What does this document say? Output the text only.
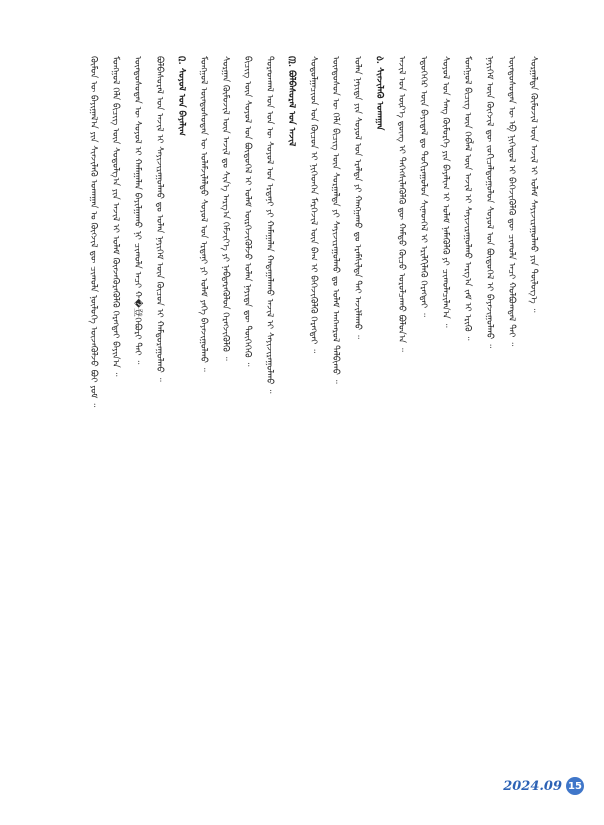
ᠬᠥᠮᠦᠨ ᠦ ᠪᠠᠶᠢᠭᠠᠯ᠎ᠠ ᠶᠢᠨ ᠰᠢᠨᠵᠢᠯᠡᠬᠦ ᠤᠬᠠᠭᠠᠨ ᠤ ᠬᠥᠭᠵᠢᠯ ᠳᠦ ᠴᠢᠬᠤᠯᠠ ᠨᠥᠯᠦᠭᠡ ᠦᠵᠡᠭᠦᠯᠵᠦ ᠪᠣᠢ ᠶᠤᠮ ᠃ ᠮᠣᠩᠭᠣᠯ ᠬᠡᠯᠡ ᠪᠢᠴᠢᠭ ᠦᠨ ᠰᠤᠳᠤᠯᠭ᠎ᠠ ᠶᠢᠨ ᠠᠵᠢᠯ ᠢ ᠤᠯᠠᠮ ᠭᠦᠨᠵᠡᠭᠦᠷᠡᠭᠦᠯᠬᠦ ᠬᠡᠷᠡᠭᠲᠡᠢ ᠪᠠᠶᠢᠨ᠎ᠠ ᠃ ᠦᠨᠳᠦᠰᠦᠲᠡᠨ ᠦ ᠰᠣᠶᠣᠯ ᠢ ᠬᠠᠮᠠᠭᠠᠯᠠᠨ ᠪᠠᠶᠢᠯᠭᠠᠬᠤ ᠨᠢ ᠴᠢᠬᠤᠯᠠ ᠠᠴᠢ ᠬ�登ᠭᠡᠪᠦᠷᠢ ᠲᠠᠢ ᠃ ᠪᠣᠯᠪᠠᠰᠤᠷᠠᠯ ᠤᠨ ᠠᠵᠢᠯ ᠢ ᠰᠠᠶᠢᠵᠢᠷᠠᠭᠤᠯᠬᠤ ᠳᠤ ᠣᠯᠠᠨ ᠨᠡᠶᠢᠭᠡᠮ ᠦᠨ ᠬᠦᠴᠦᠨ ᠢ ᠬᠠᠮᠲᠤᠷᠠᠭᠤᠯᠬᠤ ᠃ ᠒. ᠰᠤᠶᠤᠯ ᠤᠨ ᠪᠠᠶᠠᠯᠢᠭ ᠮᠣᠩᠭᠣᠯ ᠦᠨᠳᠦᠰᠦᠲᠡᠨ ᠦ ᠤᠯᠠᠮᠵᠢᠯᠠᠯᠲᠤ ᠰᠣᠶᠣᠯ ᠤᠨ ᠡᠷᠳᠡᠨᠢ ᠶᠢ ᠤᠯᠠᠮ ᠶᠡᠬᠡ ᠪᠠᠶᠠᠵᠢᠭᠤᠯᠬᠤ ᠃ ᠰᠤᠷᠭᠠᠨ ᠬᠦᠮᠦᠵᠢᠯ ᠦᠨ ᠠᠵᠢᠯ ᠳᠤ ᠰᠢᠨ᠎ᠡ ᠠᠷᠭ᠎ᠠ ᠬᠡᠮᠵᠢᠶ᠎ᠡ ᠶᠢ ᠨᠡᠪᠲᠡᠷᠡᠭᠦᠯᠦᠨ ᠬᠡᠷᠡᠭᠵᠢᠭᠦᠯᠬᠦ ᠃ ᠪᠢᠴᠢᠭ ᠦᠨ ᠰᠤᠶᠤᠯ ᠤᠨ ᠪᠦᠲᠦᠭᠡᠯ ᠢ ᠤᠯᠠᠮ ᠦᠷᠭᠡᠵᠢᠭᠦᠯᠵᠦ ᠣᠯᠠᠨ ᠨᠡᠶᠢᠲᠡ ᠳᠦ ᠲᠦᠭᠡᠭᠡᠬᠦ ᠃ ᠳᠤᠷᠠᠳᠬᠠᠯ ᠤᠨ ᠡᠳ ᠦ ᠰᠤᠶᠤᠯ ᠤᠨ ᠡᠷᠳᠡᠨᠢ ᠶᠢ ᠬᠠᠮᠠᠭᠠᠯᠠᠨ ᠬᠠᠳᠠᠭᠠᠯᠠᠬᠤ ᠠᠵᠢᠯ ᠢ ᠰᠠᠶᠢᠵᠢᠷᠠᠭᠤᠯᠬᠤ ᠃ ᠓. ᠪᠣᠯᠪᠠᠰᠤᠷᠠᠯ ᠤᠨ ᠠᠵᠢᠯ ᠰᠤᠳᠤᠯᠭᠠᠴᠢᠳ ᠤᠨ ᠬᠦᠴᠦᠨ ᠢ ᠨᠢᠭᠡᠳᠭᠡᠨ ᠮᠡᠷᠭᠡᠵᠢᠯ ᠦᠨ ᠪᠠᠭ ᠢ ᠪᠡᠬᠡᠵᠢᠭᠦᠯᠬᠦ ᠬᠡᠷᠡᠭᠲᠡᠢ ᠃ ᠦᠨᠳᠦᠰᠦᠨ ᠦ ᠬᠡᠯᠡ ᠪᠢᠴᠢᠭ ᠦᠨ ᠰᠤᠷᠭᠠᠯᠲᠠ ᠶᠢ ᠰᠠᠶᠢᠵᠢᠷᠠᠭᠤᠯᠬᠤ ᠳᠤ ᠤᠯᠠᠮ ᠠᠩᠬᠠᠷᠤᠯ ᠲᠠᠯᠪᠢᠬᠤ ᠃ ᠣᠯᠠᠨ ᠨᠡᠶᠢᠲᠡ ᠶᠢᠨ ᠰᠤᠶᠤᠯ ᠤᠨ ᠡᠷᠡᠯᠲᠡ ᠶᠢ ᠬᠠᠩᠭᠠᠬᠤ ᠳᠤ ᠡᠷᠡᠮᠰᠢᠯᠲᠡ ᠲᠠᠢ ᠠᠵᠢᠯᠯᠠᠬᠤ ᠃ ᠔. ᠰᠢᠨᠵᠢᠯᠡᠬᠦ ᠤᠬᠠᠭᠠᠨ ᠠᠵᠢᠯ ᠤᠨ ᠦᠷ᠎ᠡ ᠳ᠋ᠦᠩ ᠢ ᠳᠡᠭᠡᠭᠰᠢᠯᠡᠭᠦᠯᠬᠦ ᠳᠦ ᠬᠠᠮᠲᠤ ᠬᠦᠴᠦ ᠣᠷᠣᠯᠴᠠᠬᠤ ᠪᠣᠯᠤᠨ᠎ᠠ ᠃ ᠡᠳ᠋ᠦᠭᠡᠭᠡᠷ ᠦᠨ ᠪᠠᠶᠢᠳᠠᠯ ᠳᠤ ᠲᠣᠬᠢᠷᠠᠭᠤᠯᠤᠨ ᠰᠢᠨᠡᠳᠭᠡᠯ ᠢ ᠡᠷᠢᠯᠬᠢᠯᠡᠬᠦ ᠬᠡᠷᠡᠭᠲᠡᠢ ᠃ ᠰᠤᠶᠤᠯ ᠤᠨ ᠰᠠᠩ ᠬᠥᠮᠥᠷᠭᠡ ᠶᠢᠨ ᠪᠠᠶᠠᠯᠢᠭ ᠢ ᠤᠯᠠᠮ ᠨᠡᠮᠡᠭᠦᠯᠬᠦ ᠶᠢ ᠴᠢᠬᠤᠯᠠᠴᠢᠯᠠᠨ᠎ᠠ ᠃ ᠮᠣᠩᠭᠣᠯ ᠪᠢᠴᠢᠭ ᠦᠨ ᠬᠡᠪᠯᠡᠯ ᠦᠨ ᠠᠵᠢᠯ ᠢ ᠰᠠᠶᠢᠵᠢᠷᠠᠭᠤᠯᠬᠤ ᠠᠷᠭ᠎ᠠ ᠵᠠᠮ ᠢ ᠡᠷᠢᠬᠦ ᠃ ᠨᠡᠶᠢᠭᠡᠮ ᠦᠨ ᠬᠥᠭᠵᠢᠯ ᠳᠦ ᠵᠣᠬᠢᠴᠠᠯᠳᠤᠭᠤᠯᠤᠨ ᠰᠤᠶᠤᠯ ᠤᠨ ᠪᠦᠲᠦᠭᠡᠯ ᠢ ᠪᠠᠶᠠᠵᠢᠭᠤᠯᠬᠤ ᠃ ᠦᠨᠳᠦᠰᠦᠲᠡᠨ ᠦ ᠡᠪ ᠨᠢᠭᠡᠳᠦᠯ ᠢ ᠪᠡᠬᠡᠵᠢᠭᠦᠯᠬᠦ ᠳᠦ ᠴᠢᠬᠤᠯᠠ ᠠᠴᠢ ᠬᠣᠯᠪᠣᠭᠳᠠᠯ ᠲᠠᠢ ᠃ ᠰᠤᠷᠭᠠᠯᠲᠠ ᠬᠦᠮᠦᠵᠢᠯ ᠦᠨ ᠠᠵᠢᠯ ᠢ ᠤᠯᠠᠮ ᠰᠠᠶᠢᠵᠢᠷᠠᠭᠤᠯᠬᠤ ᠶᠢᠨ ᠲᠥᠯᠥᠭ᠎ᠡ ᠃
2024.09 15
